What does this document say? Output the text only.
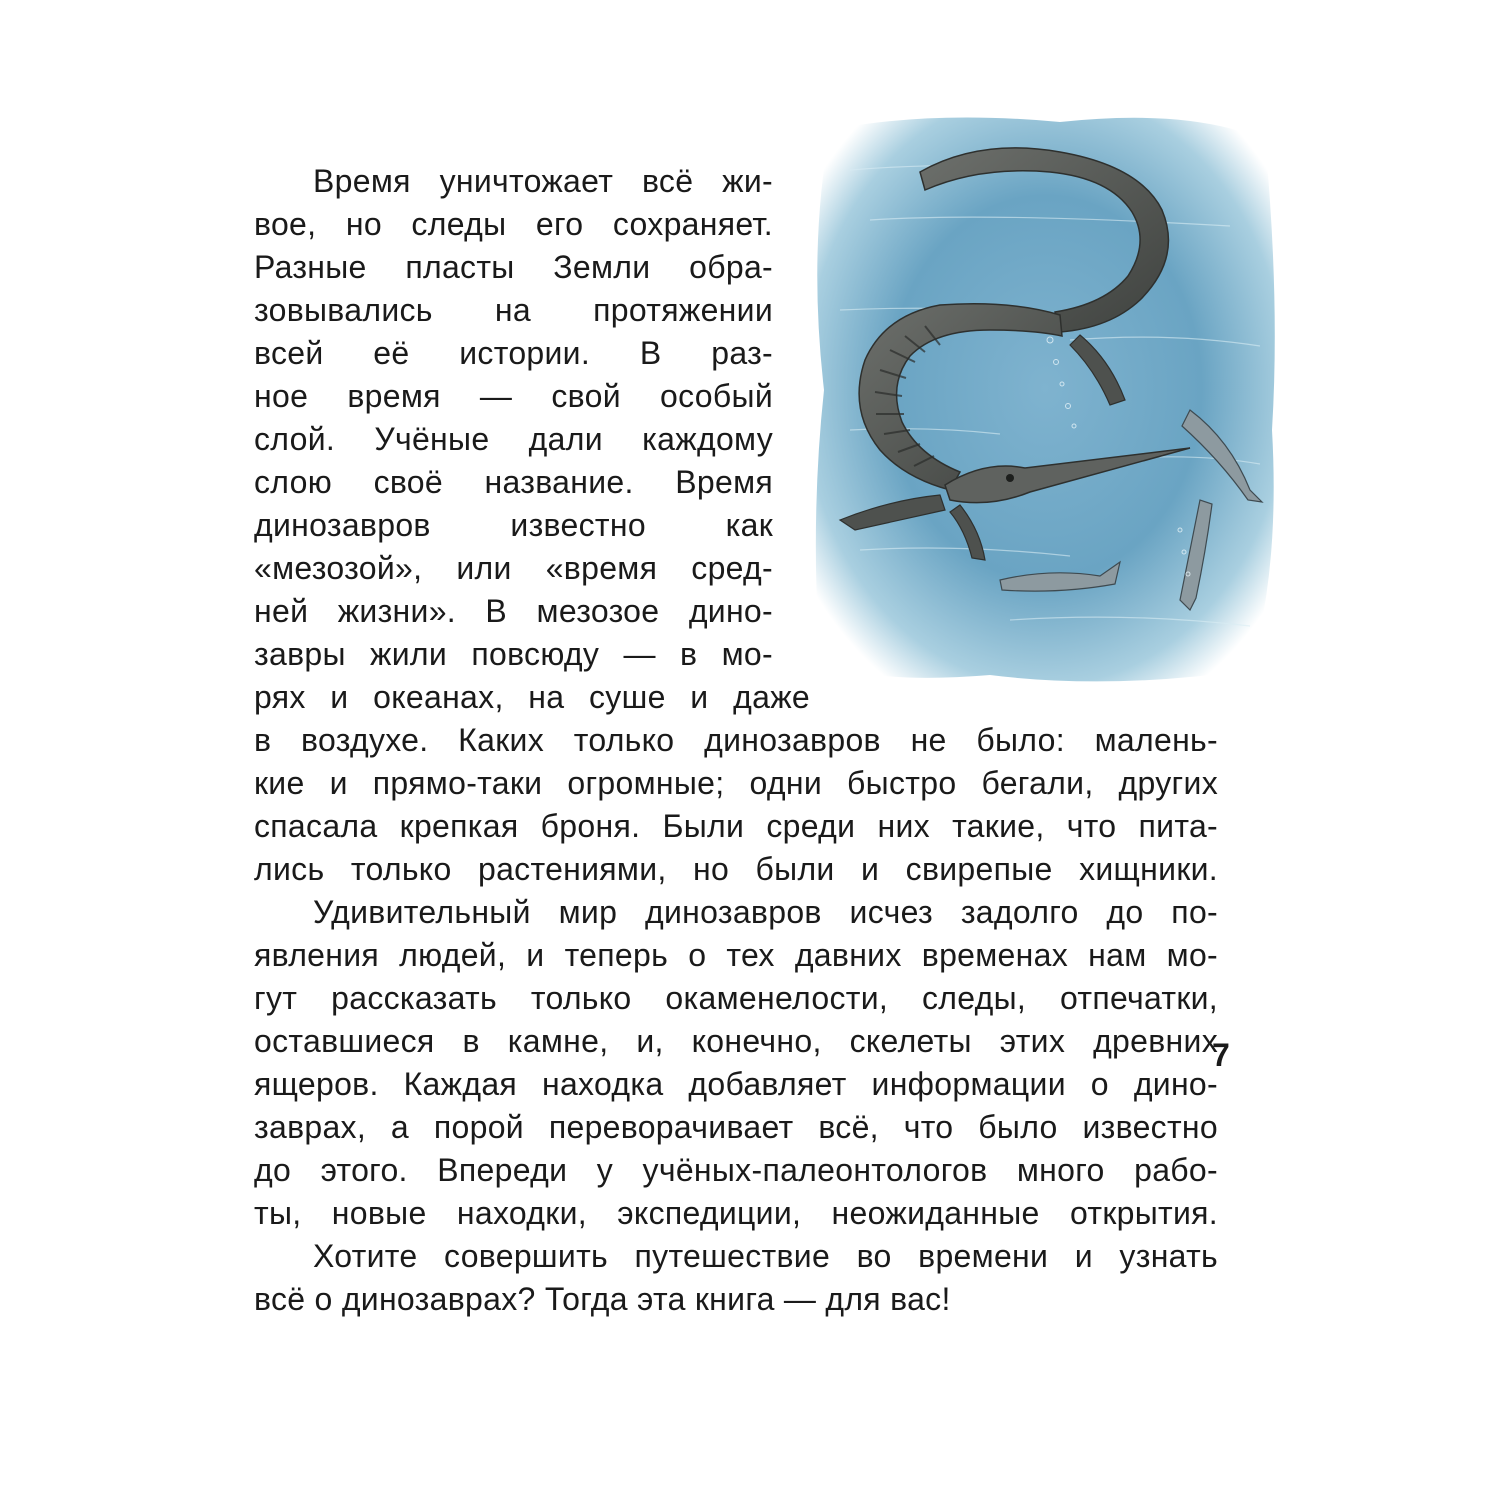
Время уничтожает всё жи-
вое, но следы его сохраняет.
Разные пласты Земли обра-
зовывались на протяжении
всей её истории. В раз-
ное время — свой особый
слой. Учёные дали каждому
слою своё название. Время
динозавров известно как
«мезозой», или «время сред-
ней жизни». В мезозое дино-
завры жили повсюду — в мо-
рях и океанах, на суше и даже
в воздухе. Каких только динозавров не было: малень-
кие и прямо-таки огромные; одни быстро бегали, других
спасала крепкая броня. Были среди них такие, что пита-
лись только растениями, но были и свирепые хищники.
Удивительный мир динозавров исчез задолго до по-
явления людей, и теперь о тех давних временах нам мо-
гут рассказать только окаменелости, следы, отпечатки,
оставшиеся в камне, и, конечно, скелеты этих древних
ящеров. Каждая находка добавляет информации о дино-
заврах, а порой переворачивает всё, что было известно
до этого. Впереди у учёных-палеонтологов много рабо-
ты, новые находки, экспедиции, неожиданные открытия.
Хотите совершить путешествие во времени и узнать
всё о динозаврах? Тогда эта книга — для вас!
7
